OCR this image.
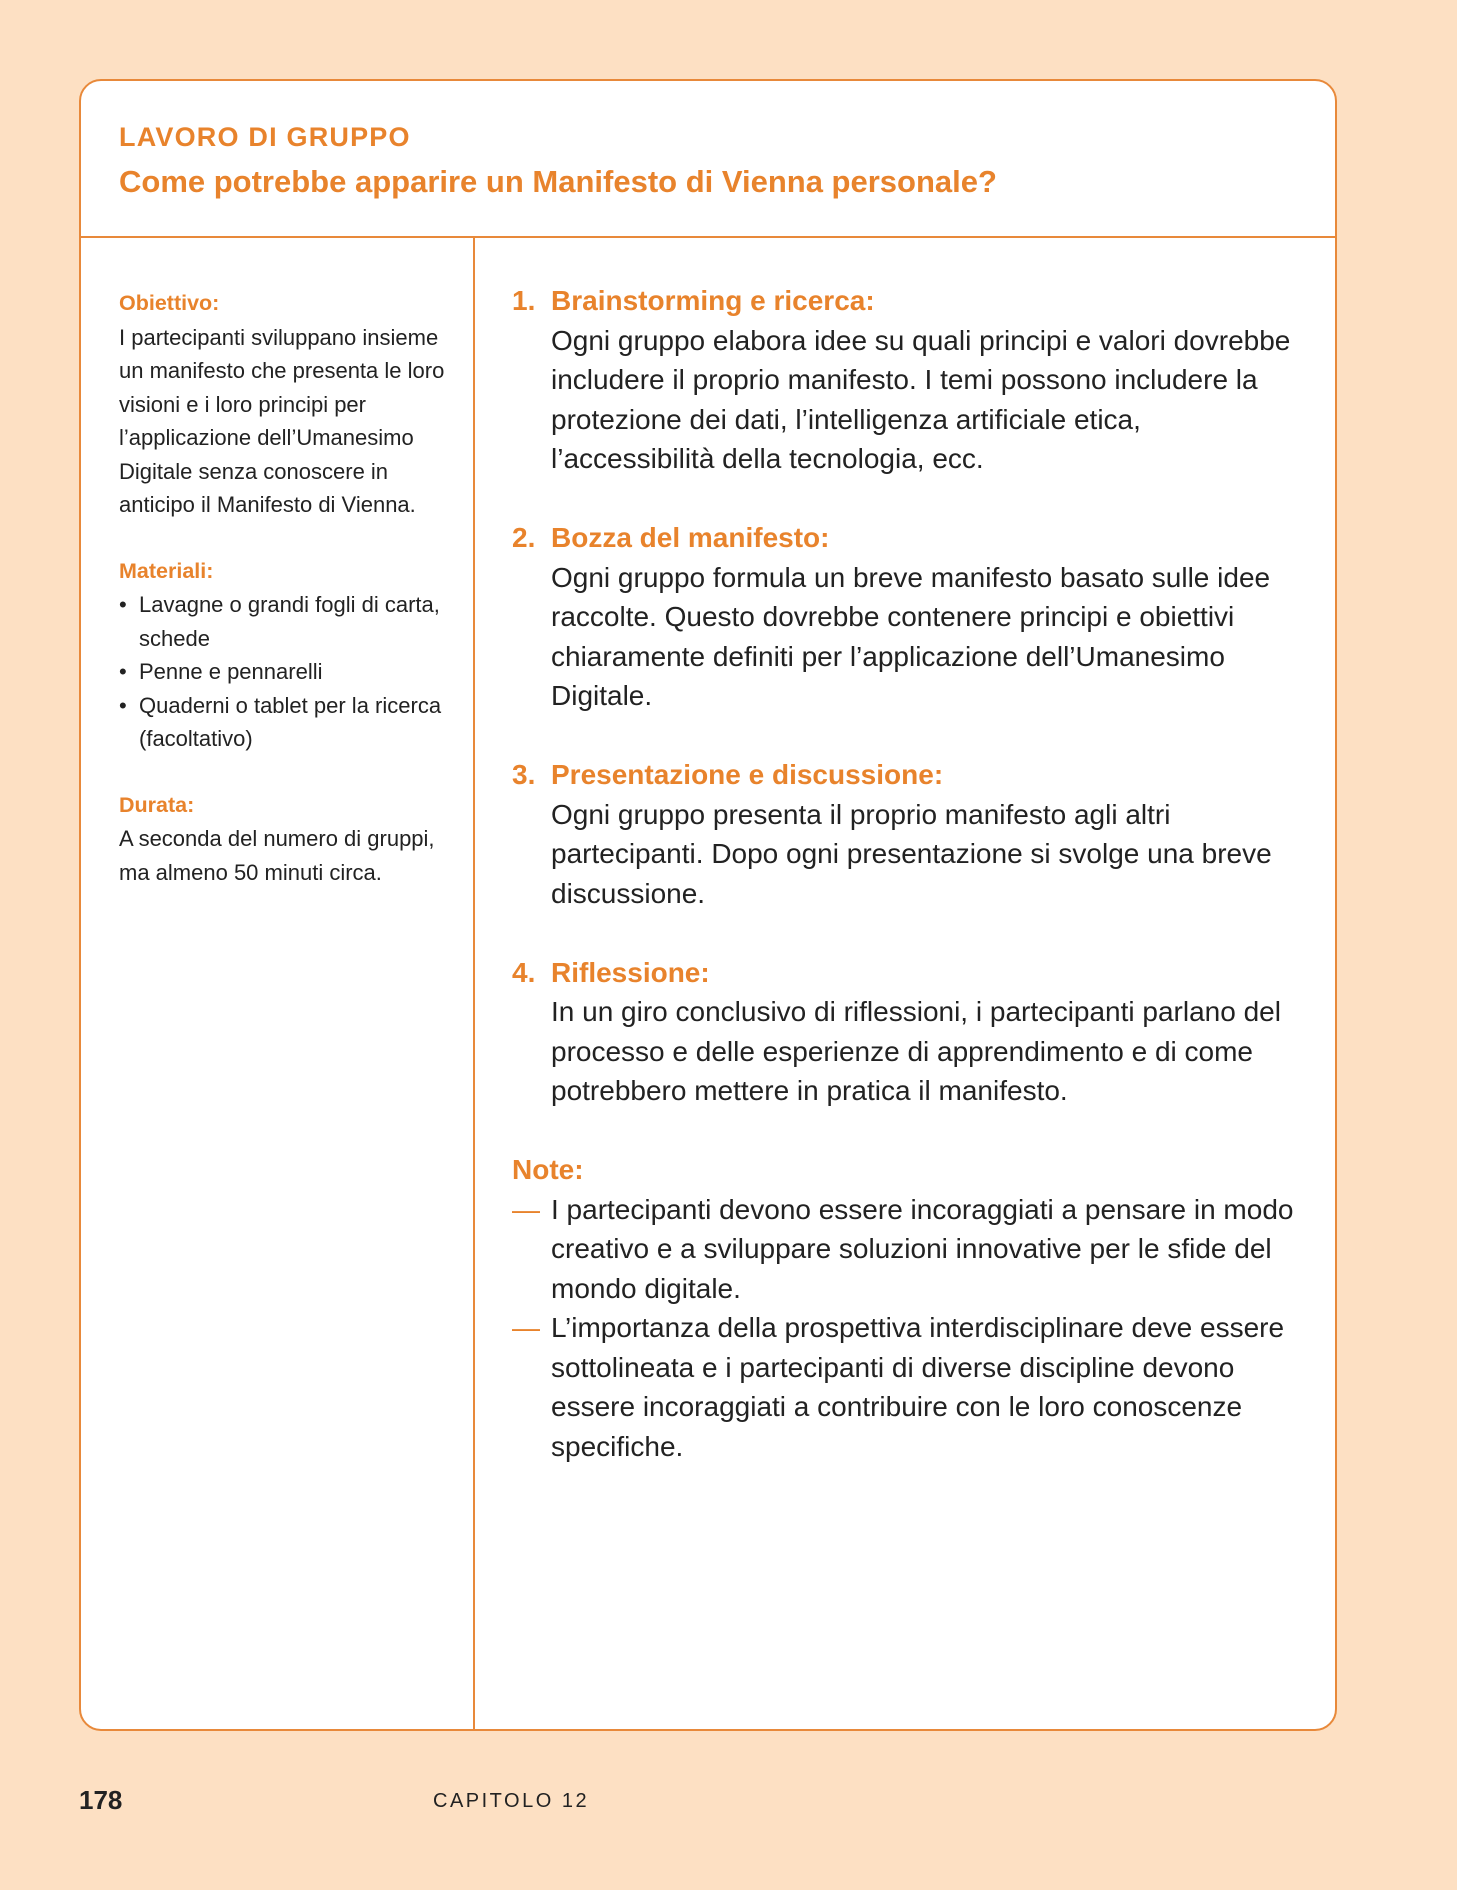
LAVORO DI GRUPPO
Come potrebbe apparire un Manifesto di Vienna personale?
Obiettivo:

I partecipanti sviluppano insieme un manifesto che presenta le loro visioni e i loro principi per l’applicazione dell’Umanesimo Digitale senza conoscere in anticipo il Manifesto di Vienna.

Materiali:
• Lavagne o grandi fogli di carta, schede
• Penne e pennarelli
• Quaderni o tablet per la ricerca (facoltativo)
Durata:

A seconda del numero di gruppi, ma almeno 50 minuti circa.

1. Brainstorming e ricerca:

Ogni gruppo elabora idee su quali principi e valori dovrebbe includere il proprio manifesto. I temi possono includere la protezione dei dati, l’intelligenza artificiale etica, l’accessibilità della tecnologia, ecc.

2. Bozza del manifesto:

Ogni gruppo formula un breve manifesto basato sulle idee raccolte. Questo dovrebbe contenere principi e obiettivi chiaramente definiti per l’applicazione dell’Umanesimo Digitale.

3. Presentazione e discussione:

Ogni gruppo presenta il proprio manifesto agli altri partecipanti. Dopo ogni presentazione si svolge una breve discussione.

4. Riflessione:

In un giro conclusivo di riflessioni, i partecipanti parlano del processo e delle esperienze di apprendimento e di come potrebbero mettere in pratica il manifesto.

Note:
— I partecipanti devono essere incoraggiati a pensare in modo creativo e a sviluppare soluzioni innovative per le sfide del mondo digitale.
— L’importanza della prospettiva interdisciplinare deve essere sottolineata e i partecipanti di diverse discipline devono essere incoraggiati a contribuire con le loro conoscenze specifiche.
178	CAPITOLO 12
